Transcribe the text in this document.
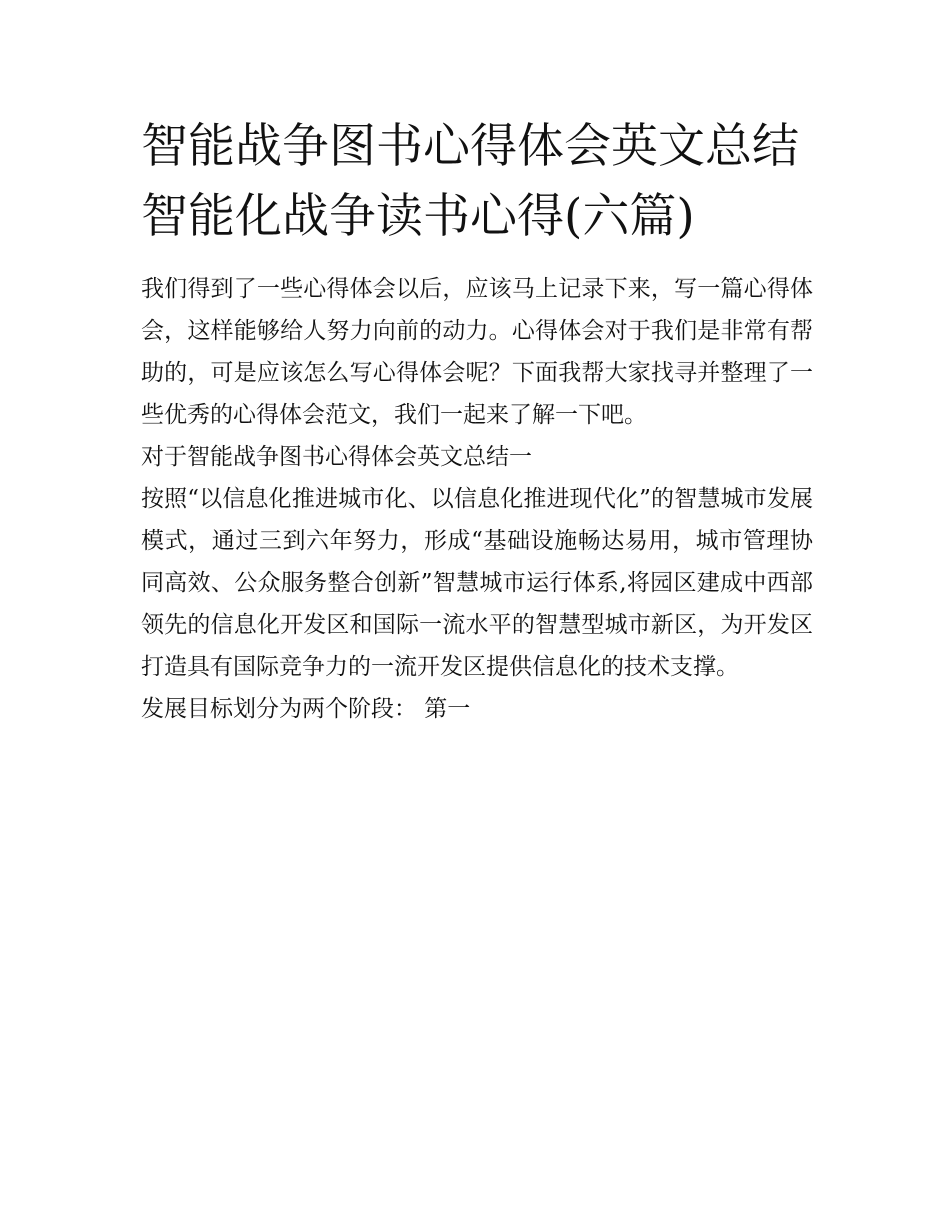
智能战争图书心得体会英文总结 智能化战争读书心得(六篇)

我们得到了一些心得体会以后，应该马上记录下来，写一篇心得体会，这样能够给人努力向前的动力。心得体会对于我们是非常有帮助的，可是应该怎么写心得体会呢？下面我帮大家找寻并整理了一些优秀的心得体会范文，我们一起来了解一下吧。

对于智能战争图书心得体会英文总结一

按照“以信息化推进城市化、以信息化推进现代化”的智慧城市发展模式，通过三到六年努力，形成“基础设施畅达易用，城市管理协同高效、公众服务整合创新”智慧城市运行体系,将园区建成中西部领先的信息化开发区和国际一流水平的智慧型城市新区，为开发区打造具有国际竞争力的一流开发区提供信息化的技术支撑。

发展目标划分为两个阶段： 第一
